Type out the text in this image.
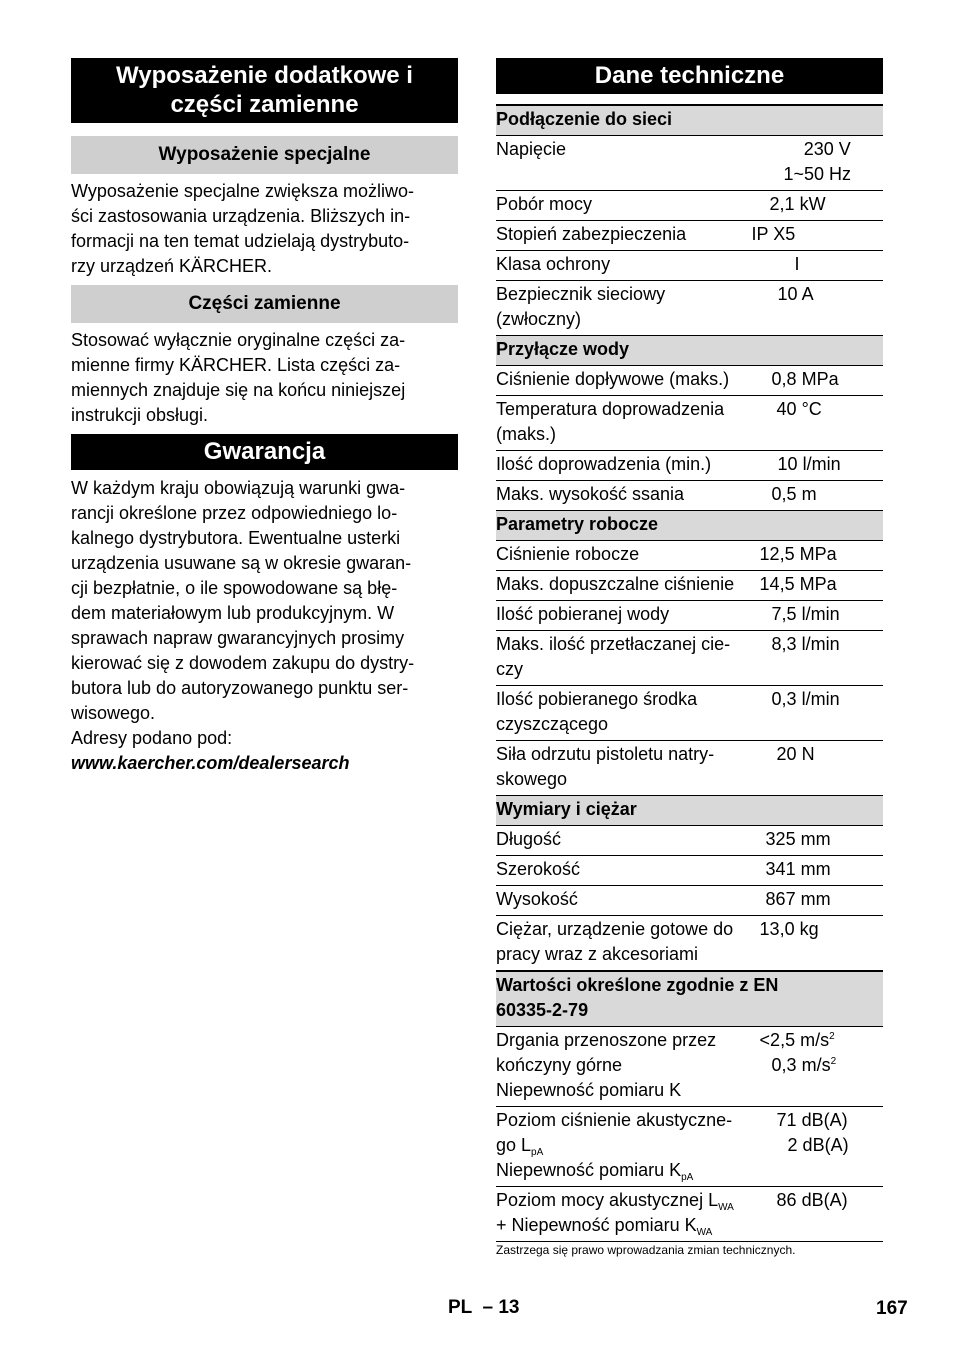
Wyposażenie dodatkowe i
części zamienne
Wyposażenie specjalne
Wyposażenie specjalne zwiększa możliwo-
ści zastosowania urządzenia. Bliższych in-
formacji na ten temat udzielają dystrybuto-
rzy urządzeń KÄRCHER.
Części zamienne
Stosować wyłącznie oryginalne części za-
mienne firmy KÄRCHER. Lista części za-
miennych znajduje się na końcu niniejszej
instrukcji obsługi.
Gwarancja
W każdym kraju obowiązują warunki gwa-
rancji określone przez odpowiedniego lo-
kalnego dystrybutora. Ewentualne usterki
urządzenia usuwane są w okresie gwaran-
cji bezpłatnie, o ile spowodowane są błę-
dem materiałowym lub produkcyjnym. W
sprawach napraw gwarancyjnych prosimy
kierować się z dowodem zakupu do dystry-
butora lub do autoryzowanego punktu ser-
wisowego.
Adresy podano pod:
www.kaercher.com/dealersearch
Dane techniczne
Podłączenie do sieci	
Napięcie	230 V
1~50 Hz

Pobór mocy	2,1 kW
Stopień zabezpieczenia	IP X5
Klasa ochrony	I

Bezpiecznik sieciowy
(zwłoczny)	10 A
Przyłącze wody	
Ciśnienie dopływowe (maks.)	0,8 MPa

Temperatura doprowadzenia
(maks.)	40 °C
Ilość doprowadzenia (min.)	10 l/min
Maks. wysokość ssania	0,5 m
Parametry robocze	
Ciśnienie robocze	12,5 MPa
Maks. dopuszczalne ciśnienie	14,5 MPa
Ilość pobieranej wody	7,5 l/min

Maks. ilość przetłaczanej cie-
czy	8,3 l/min

Ilość pobieranego środka
czyszczącego	0,3 l/min

Siła odrzutu pistoletu natry-
skowego	20 N
Wymiary i ciężar	
Długość	325 mm
Szerokość	341 mm
Wysokość	867 mm

Ciężar, urządzenie gotowe do
pracy wraz z akcesoriami	13,0 kg

Wartości określone zgodnie z EN
60335-2-79	

Drgania przenoszone przez
kończyny górne
Niepewność pomiaru K	<2,5 $m/s^2$
0,3 $m/s^2$

Poziom ciśnienie akustyczne-
go $L_{pA}$
Niepewność pomiaru $K_{pA}$	71 dB(A)
2 dB(A)

Poziom mocy akustycznej $L_{WA}$
+ Niepewność pomiaru $K_{WA}$	86 dB(A)
Zastrzega się prawo wprowadzania zmian technicznych.
PL  – 13	167
